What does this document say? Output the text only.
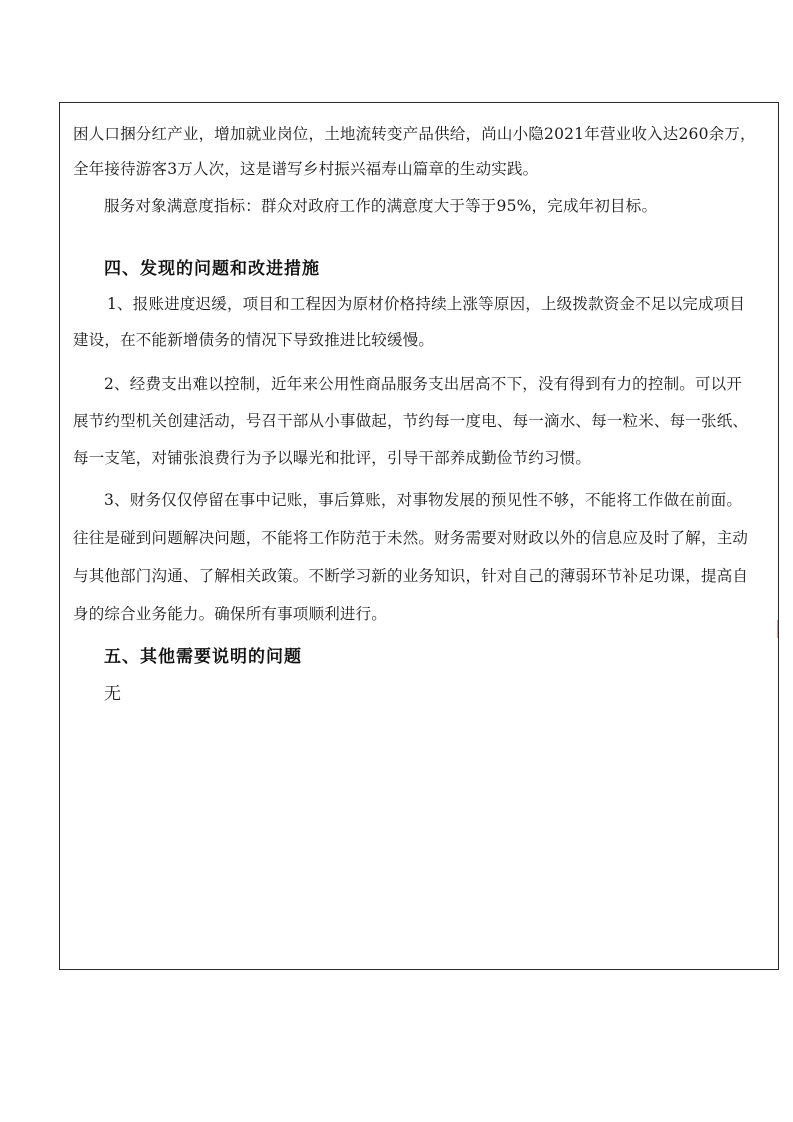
困人口捆分红产业，增加就业岗位，土地流转变产品供给，尚山小隐2021年营业收入达260余万，
全年接待游客3万人次，这是谱写乡村振兴福寿山篇章的生动实践。
服务对象满意度指标：群众对政府工作的满意度大于等于95%，完成年初目标。
四、发现的问题和改进措施
1、报账进度迟缓，项目和工程因为原材价格持续上涨等原因，上级拨款资金不足以完成项目
建设，在不能新增债务的情况下导致推进比较缓慢。
2、经费支出难以控制，近年来公用性商品服务支出居高不下，没有得到有力的控制。可以开
展节约型机关创建活动，号召干部从小事做起，节约每一度电、每一滴水、每一粒米、每一张纸、
每一支笔，对铺张浪费行为予以曝光和批评，引导干部养成勤俭节约习惯。
3、财务仅仅停留在事中记账，事后算账，对事物发展的预见性不够，不能将工作做在前面。
往往是碰到问题解决问题，不能将工作防范于未然。财务需要对财政以外的信息应及时了解，主动
与其他部门沟通、了解相关政策。不断学习新的业务知识，针对自己的薄弱环节补足功课，提高自
身的综合业务能力。确保所有事项顺利进行。
五、其他需要说明的问题
无
